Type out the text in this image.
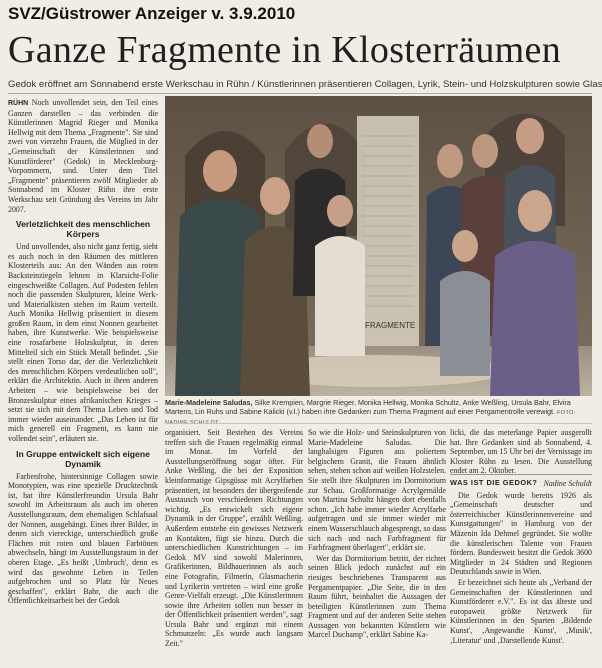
SVZ/Güstrower Anzeiger v. 3.9.2010
Ganze Fragmente in Klosterräumen
Gedok eröffnet am Sonnabend erste Werkschau in Rühn / Künstlerinnen präsentieren Collagen, Lyrik, Stein- und Holzskulpturen sowie Glas

RÜHN Noch unvollendet sein, den Teil eines Ganzen darstellen – das verbinden die Künstlerinnen Magrid Rieger und Monika Hellwig mit dem Thema „Fragmente". Sie sind zwei von vierzehn Frauen, die Mitglied in der „Gemeinschaft der Künstlerinnen und Kunstförderer" (Gedok) in Mecklenburg-Vorpommern, sind. Unter dem Titel „Fragmente" präsentieren zwölf Mitglieder ab Sonnabend im Kloster Rühn ihre erste Werkschau seit Gründung des Vereins im Jahr 2007.

Verletzlichkeit des menschlichen Körpers

Und unvollendet, also nicht ganz fertig, sieht es auch noch in den Räumen des mittleren Klosterteils aus: An den Wänden aus roten Backsteinziegeln lehnen in Klarsicht-Folie eingeschweißte Collagen. Auf Podesten fehlen noch die passenden Skulpturen, kleine Werk- und Materialkisten stehen im Raum verteilt. Auch Monika Hellwig präsentiert in diesem großen Raum, in dem einst Nonnen gearbeitet haben, ihre Kunstwerke. Wie beispielsweise eine rosafarbene Holzskulptur, in deren Mittelteil sich ein Stück Metall befindet. „Sie stellt einen Torso dar, der die Verletzlichkeit des menschlichen Körpers verdeutlichen soll", erklärt die Architektin. Auch in ihren anderen Arbeiten – wie beispielsweise bei der Bronzeskulptur eines afrikanischen Krieges – setzt sie sich mit dem Thema Leben und Tod immer wieder auseinander. „Das Leben ist für mich generell ein Fragment, es kann nie vollendet sein", erläutert sie.

In Gruppe entwickelt sich eigene Dynamik

Farbenfrohe, hintersinnige Collagen sowie Monotypien, was eine spezielle Drucktechnik ist, hat ihre Künstlerfreundin Ursula Bahr sowohl im Arbeitsraum als auch im oberen Ausstellungsraum, dem ehemaligen Schlafsaal der Nonnen, ausgehängt. Eines ihrer Bilder, in denen sich viereckige, unterschiedlich große Flächen mit roten und blauen Farbtönen abwechseln, hängt im Ausstellungsraum in der oberen Etage. „Es heißt ‚Umbruch', denn es wird das gewohnte Leben in Teilen aufgebrochen und so Platz für Neues geschaffen", erklärt Bahr, die auch die Öffentlichkeitsarbeit bei der Gedok

FRAGMENTE
Marie-Madeleine Saludas, Silke Krempien, Margrie Rieger, Monika Hellwig, Monika Schultz, Anke Weßling, Ursula Bahr, Elvira Martens, Lin Ruhs und Sabine Kalicki (v.l.) haben ihre Gedanken zum Thema Fragment auf einer Pergamentrolle verewigt. FOTO:

organisiert. Seit Bestehen des Vereins treffen sich die Frauen regelmäßig einmal im Monat. Im Vorfeld der Ausstellungseröffnung sogar öfter. Für Anke Weßling, die bei der Exposition kleinformatige Gipsgüsse mit Acrylfarben präsentiert, ist besonders der übergreifende Austausch von verschiedenen Richtungen wichtig. „Es entwickelt sich eigene Dynamik in der Gruppe", erzählt Weßling. Außerdem entstehe ein gewisses Netzwerk an Kontakten, fügt sie hinzu. Durch die unterschiedlichen Kunstrichtungen – im Gedok MV sind sowohl Malerinnen, Grafikerinnen, Bildhauerinnen als auch eine Fotografin, Filmerin, Glasmacherin und Lyrikerin vertreten – wird eine große Genre-Vielfalt erzeugt. „Die Künstlerinnen sowie ihre Arbeiten sollen nun besser in der Öffentlichkeit präsentiert werden", sagt Ursula Bahr und ergänzt mit einem Schmunzeln: „Es wurde auch langsam Zeit."

So wie die Holz- und Steinskulpturen von Marie-Madeleine Saludas. Die langhalsigen Figuren aus poliertem belgischem Granit, die Frauen ähnlich sehen, stehen schon auf weißen Holzstelen. Sie stellt ihre Skulpturen im Dormitorium zur Schau. Großformatige Acrylgemälde von Martina Schultz hängen dort ebenfalls schon. „Ich habe immer wieder Acrylfarbe aufgetragen und sie immer wieder mit einem Wasserschlauch abgesprengt, so dass sich nach und nach Farbfragment für Farbfragment überlagert", erklärt sie.

Wer das Dormitorium betritt, der richtet seinen Blick jedoch zunächst auf ein riesiges beschriebenes Transparent aus Pergamentpapier. „Die Seite, die in den Raum führt, beinhaltet die Aussagen der beteiligten Künstlerinnen zum Thema Fragment und auf der anderen Seite stehen Aussagen von bekannten Künstlern wie Marcel Duchamp", erklärt Sabine Ka-

licki, die das meterlange Papier ausgerollt hat. Ihre Gedanken sind ab Sonnabend, 4. September, um 15 Uhr bei der Vernissage im Kloster Rühn zu lesen. Die Ausstellung endet am 2. Oktober.

Nadine Schuldt

WAS IST DIE GEDOK?

Die Gedok wurde bereits 1926 als „Gemeinschaft deutscher und österreichischer Künstlerinnenvereine und Kunstgattungen" in Hamburg von der Mäzenin Ida Dehmel gegründet. Sie wollte die künstlerischen Talente von Frauen fördern. Bundesweit besitzt die Gedok 3600 Mitglieder in 24 Städten und Regionen Deutschlands sowie in Wien.

Er bezeichnet sich heute als „Verband der Gemeinschaften der Künstlerinnen und Kunstförderer e.V.". Es ist das älteste und europaweit größte Netzwerk für Künstlerinnen in den Sparten ‚Bildende Kunst', ‚Angewandte Kunst', ‚Musik', ‚Literatur' und ‚Darstellende Kunst'.
